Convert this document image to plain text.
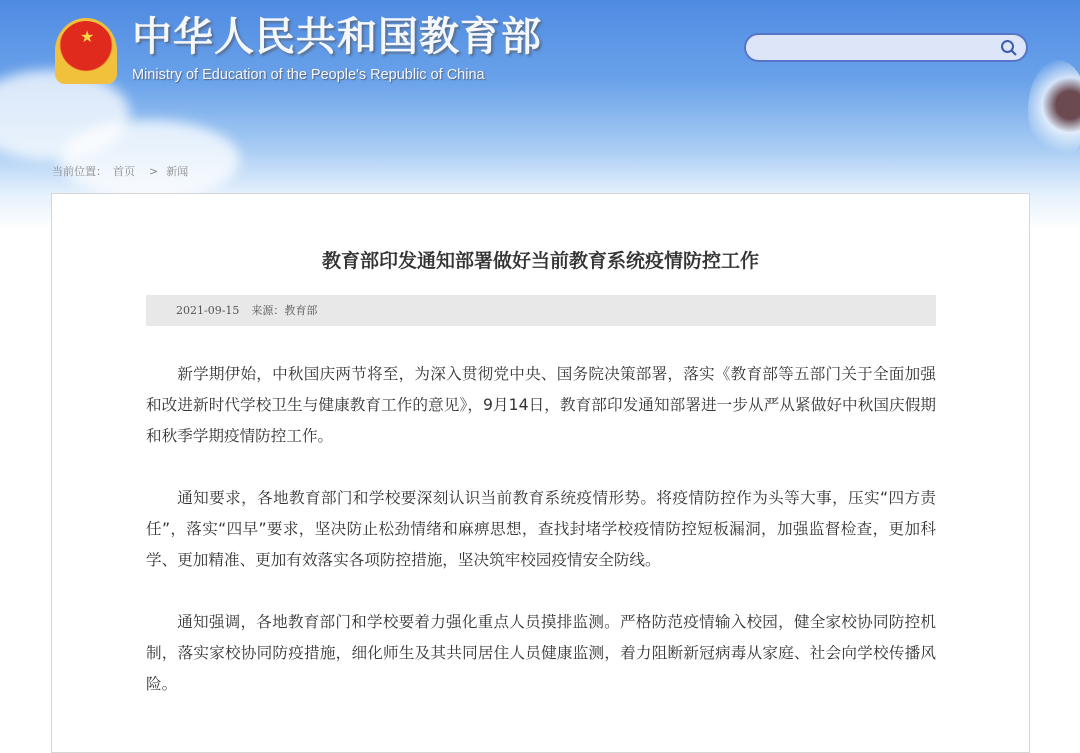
★ 中华人民共和国教育部
Ministry of Education of the People's Republic of China
当前位置： 首页 > 新闻
教育部印发通知部署做好当前教育系统疫情防控工作
2021-09-15 来源：教育部

新学期伊始，中秋国庆两节将至，为深入贯彻党中央、国务院决策部署，落实《教育部等五部门关于全面加强和改进新时代学校卫生与健康教育工作的意见》，9月14日，教育部印发通知部署进一步从严从紧做好中秋国庆假期和秋季学期疫情防控工作。

通知要求，各地教育部门和学校要深刻认识当前教育系统疫情形势。将疫情防控作为头等大事，压实“四方责任”，落实“四早”要求，坚决防止松劲情绪和麻痹思想，查找封堵学校疫情防控短板漏洞，加强监督检查，更加科学、更加精准、更加有效落实各项防控措施，坚决筑牢校园疫情安全防线。

通知强调，各地教育部门和学校要着力强化重点人员摸排监测。严格防范疫情输入校园，健全家校协同防控机制，落实家校协同防疫措施，细化师生及其共同居住人员健康监测，着力阻断新冠病毒从家庭、社会向学校传播风险。
